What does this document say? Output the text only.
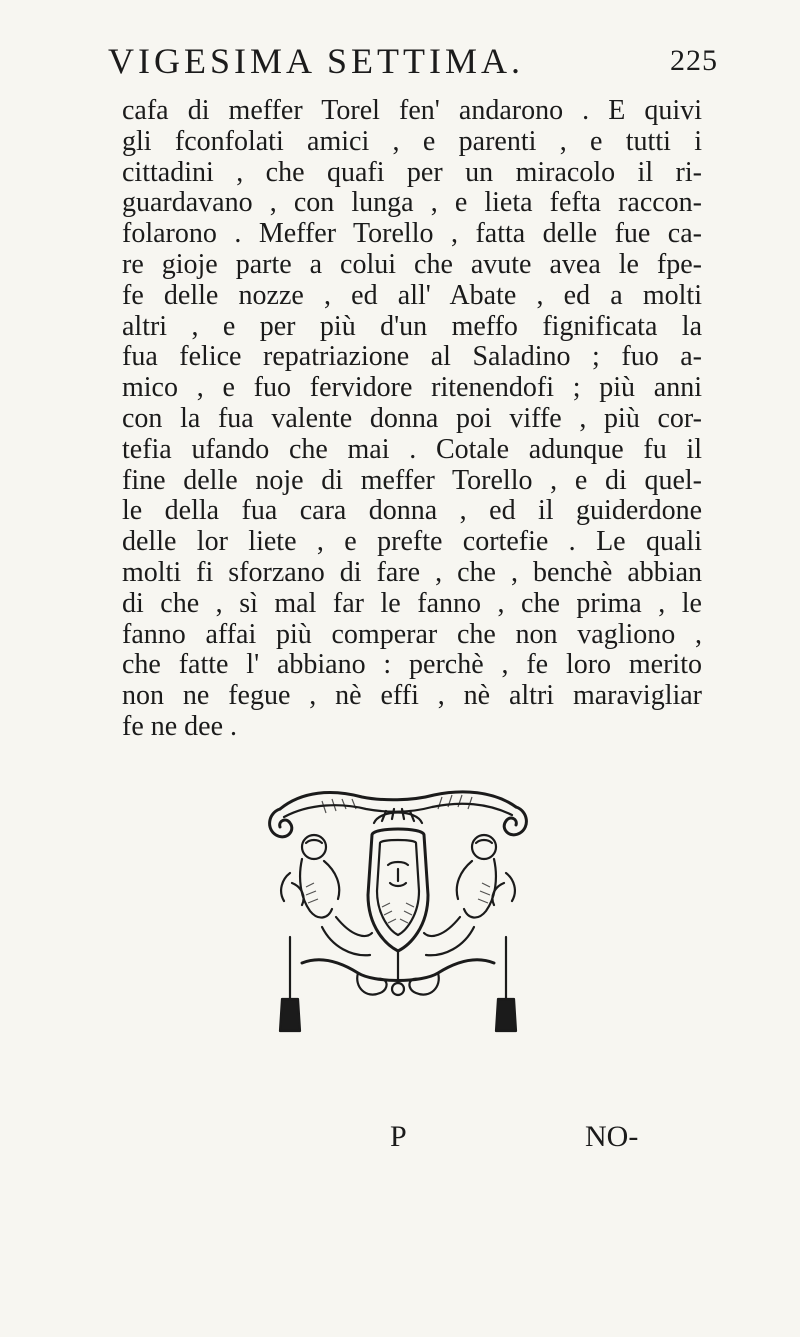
VIGESIMA SETTIMA.	225
cafa di meffer Torel fen' andarono . E quivi
gli fconfolati amici , e parenti , e tutti i
cittadini , che quafi per un miracolo il ri-
guardavano , con lunga , e lieta fefta raccon-
folarono . Meffer Torello , fatta delle fue ca-
re gioje parte a colui che avute avea le fpe-
fe delle nozze , ed all' Abate , ed a molti
altri , e per più d'un meffo fignificata la
fua felice repatriazione al Saladino ; fuo a-
mico , e fuo fervidore ritenendofi ; più anni
con la fua valente donna poi viffe , più cor-
tefia ufando che mai . Cotale adunque fu il
fine delle noje di meffer Torello , e di quel-
le della fua cara donna , ed il guiderdone
delle lor liete , e prefte cortefie . Le quali
molti fi sforzano di fare , che , benchè abbian
di che , sì mal far le fanno , che prima , le
fanno affai più comperar che non vagliono ,
che fatte l' abbiano : perchè , fe loro merito
non ne fegue , nè effi , nè altri maravigliar
fe ne dee .
P	NO-
